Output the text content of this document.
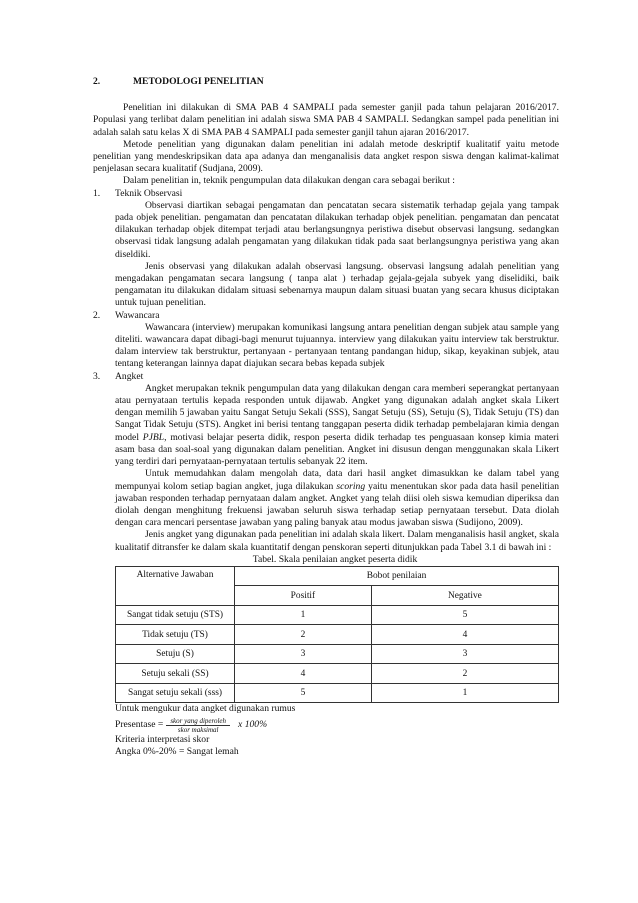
2.	METODOLOGI PENELITIAN

Penelitian ini dilakukan di SMA PAB 4 SAMPALI pada semester ganjil pada tahun pelajaran 2016/2017. Populasi yang terlibat dalam penelitian ini adalah siswa SMA PAB 4 SAMPALI. Sedangkan sampel pada penelitian ini adalah salah satu kelas X di SMA PAB 4 SAMPALI pada semester ganjil tahun ajaran 2016/2017.

Metode penelitian yang digunakan dalam penelitian ini adalah metode deskriptif kualitatif yaitu metode penelitian yang mendeskripsikan data apa adanya dan menganalisis data angket respon siswa dengan kalimat-kalimat penjelasan secara kualitatif (Sudjana, 2009).

Dalam penelitian in, teknik pengumpulan data dilakukan dengan cara sebagai berikut :

1.	Teknik Observasi

Observasi diartikan sebagai pengamatan dan pencatatan secara sistematik terhadap gejala yang tampak pada objek penelitian. pengamatan dan pencatatan dilakukan terhadap objek penelitian. pengamatan dan pencatat dilakukan terhadap objek ditempat terjadi atau berlangsungnya peristiwa disebut observasi langsung. sedangkan observasi tidak langsung adalah pengamatan yang dilakukan tidak pada saat berlangsungnya peristiwa yang akan diseldiki.

Jenis observasi yang dilakukan adalah observasi langsung. observasi langsung adalah penelitian yang mengadakan pengamatan secara langsung ( tanpa alat ) terhadap gejala-gejala subyek yang diselidiki, baik pengamatan itu dilakukan didalam situasi sebenarnya maupun dalam situasi buatan yang secara khusus diciptakan untuk tujuan penelitian.

2.	Wawancara

Wawancara (interview) merupakan komunikasi langsung antara penelitian dengan subjek atau sample yang diteliti. wawancara dapat dibagi-bagi menurut tujuannya. interview yang dilakukan yaitu interview tak berstruktur. dalam interview tak berstruktur, pertanyaan - pertanyaan tentang pandangan hidup, sikap, keyakinan subjek, atau tentang keterangan lainnya dapat diajukan secara bebas kepada subjek

3.	Angket

Angket merupakan teknik pengumpulan data yang dilakukan dengan cara memberi seperangkat pertanyaan atau pernyataan tertulis kepada responden untuk dijawab. Angket yang digunakan adalah angket skala Likert dengan memilih 5 jawaban yaitu Sangat Setuju Sekali (SSS), Sangat Setuju (SS), Setuju (S), Tidak Setuju (TS) dan Sangat Tidak Setuju (STS). Angket ini berisi tentang tanggapan peserta didik terhadap pembelajaran kimia dengan model PJBL, motivasi belajar peserta didik, respon peserta didik terhadap tes penguasaan konsep kimia materi asam basa dan soal-soal yang digunakan dalam penelitian. Angket ini disusun dengan menggunakan skala Likert yang terdiri dari pernyataan-pernyataan tertulis sebanyak 22 item.

Untuk memudahkan dalam mengolah data, data dari hasil angket dimasukkan ke dalam tabel yang mempunyai kolom setiap bagian angket, juga dilakukan scoring yaitu menentukan skor pada data hasil penelitian jawaban responden terhadap pernyataan dalam angket. Angket yang telah diisi oleh siswa kemudian diperiksa dan diolah dengan menghitung frekuensi jawaban seluruh siswa terhadap setiap pernyataan tersebut. Data diolah dengan cara mencari persentase jawaban yang paling banyak atau modus jawaban siswa (Sudijono, 2009).

Jenis angket yang digunakan pada penelitian ini adalah skala likert. Dalam menganalisis hasil angket, skala kualitatif ditransfer ke dalam skala kuantitatif dengan penskoran seperti ditunjukkan pada Tabel 3.1 di bawah ini :

Tabel. Skala penilaian angket peserta didik
Alternative Jawaban	Bobot penilaian	
	Positif	Negative
Sangat tidak setuju (STS)	1	5
Tidak setuju (TS)	2	4
Setuju (S)	3	3
Setuju sekali (SS)	4	2
Sangat setuju sekali (sss)	5	1
Untuk mengukur data angket digunakan rumus
Presentase = $\frac{\text{skor yang diperoleh}}{\text{skor maksimal}}$ x 100%
Kriteria interpretasi skor
Angka 0%-20% = Sangat lemah
